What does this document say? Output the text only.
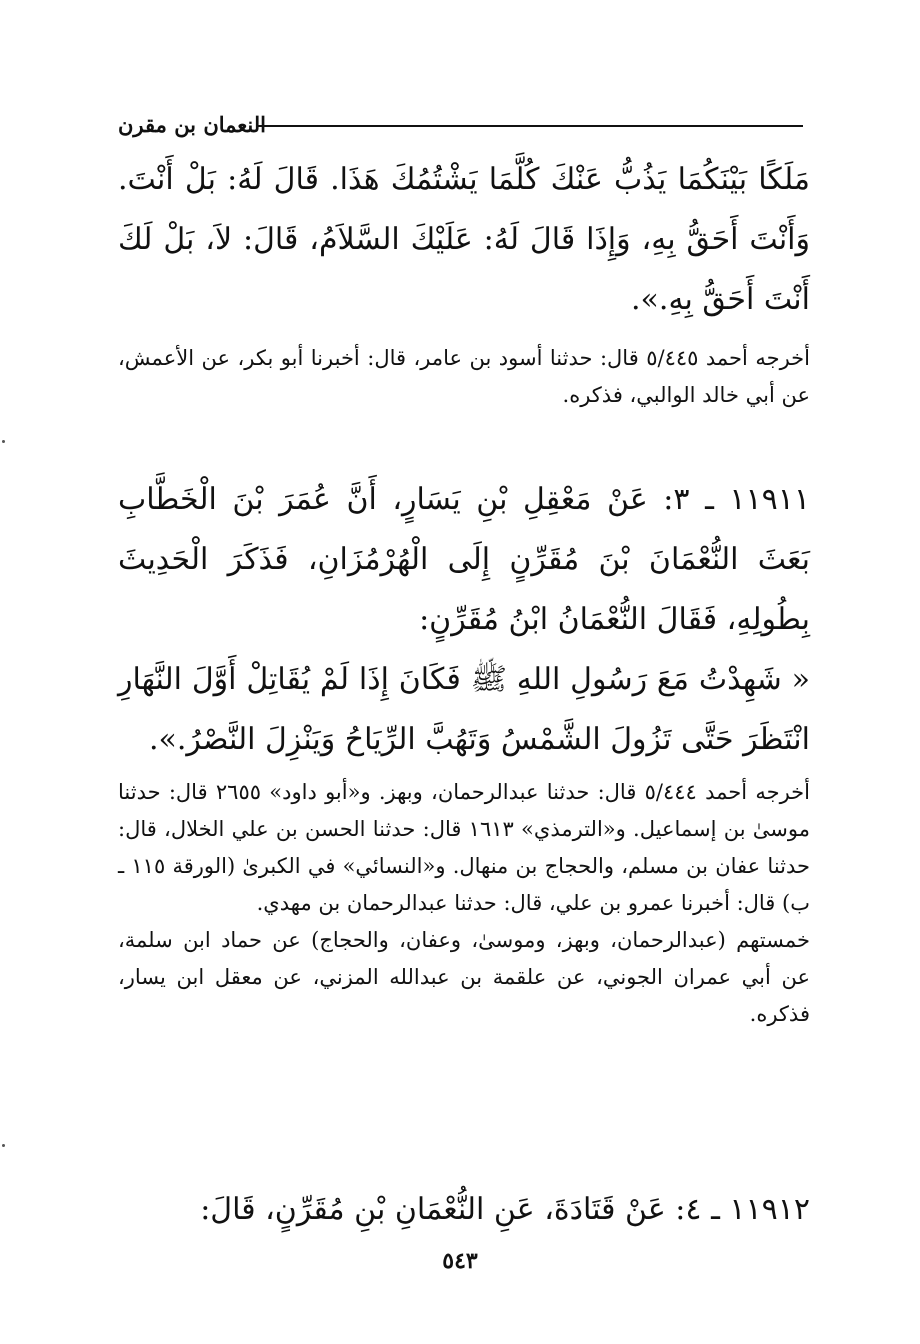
النعمان بن مقرن

مَلَكًا بَيْنَكُمَا يَذُبُّ عَنْكَ كُلَّمَا يَشْتُمُكَ هَذَا. قَالَ لَهُ: بَلْ أَنْتَ. وَأَنْتَ أَحَقُّ بِهِ، وَإِذَا قَالَ لَهُ: عَلَيْكَ السَّلاَمُ، قَالَ: لاَ، بَلْ لَكَ أَنْتَ أَحَقُّ بِهِ.».

أخرجه أحمد ٥/٤٤٥ قال: حدثنا أسود بن عامر، قال: أخبرنا أبو بكر، عن الأعمش، عن أبي خالد الوالبي، فذكره.

١١٩١١ ـ ٣: عَنْ مَعْقِلِ بْنِ يَسَارٍ، أَنَّ عُمَرَ بْنَ الْخَطَّابِ بَعَثَ النُّعْمَانَ بْنَ مُقَرِّنٍ إِلَى الْهُرْمُزَانِ، فَذَكَرَ الْحَدِيثَ بِطُولِهِ، فَقَالَ النُّعْمَانُ ابْنُ مُقَرِّنٍ:

« شَهِدْتُ مَعَ رَسُولِ اللهِ ﷺ فَكَانَ إِذَا لَمْ يُقَاتِلْ أَوَّلَ النَّهَارِ انْتَظَرَ حَتَّى تَزُولَ الشَّمْسُ وَتَهُبَّ الرِّيَاحُ وَيَنْزِلَ النَّصْرُ.».

أخرجه أحمد ٥/٤٤٤ قال: حدثنا عبدالرحمان، وبهز. و«أبو داود» ٢٦٥٥ قال: حدثنا موسىٰ بن إسماعيل. و«الترمذي» ١٦١٣ قال: حدثنا الحسن بن علي الخلال، قال: حدثنا عفان بن مسلم، والحجاج بن منهال. و«النسائي» في الكبرىٰ (الورقة ١١٥ ـ ب) قال: أخبرنا عمرو بن علي، قال: حدثنا عبدالرحمان بن مهدي.

خمستهم (عبدالرحمان، وبهز، وموسىٰ، وعفان، والحجاج) عن حماد ابن سلمة، عن أبي عمران الجوني، عن علقمة بن عبدالله المزني، عن معقل ابن يسار، فذكره.

١١٩١٢ ـ ٤: عَنْ قَتَادَةَ، عَنِ النُّعْمَانِ بْنِ مُقَرِّنٍ، قَالَ:

٥٤٣
